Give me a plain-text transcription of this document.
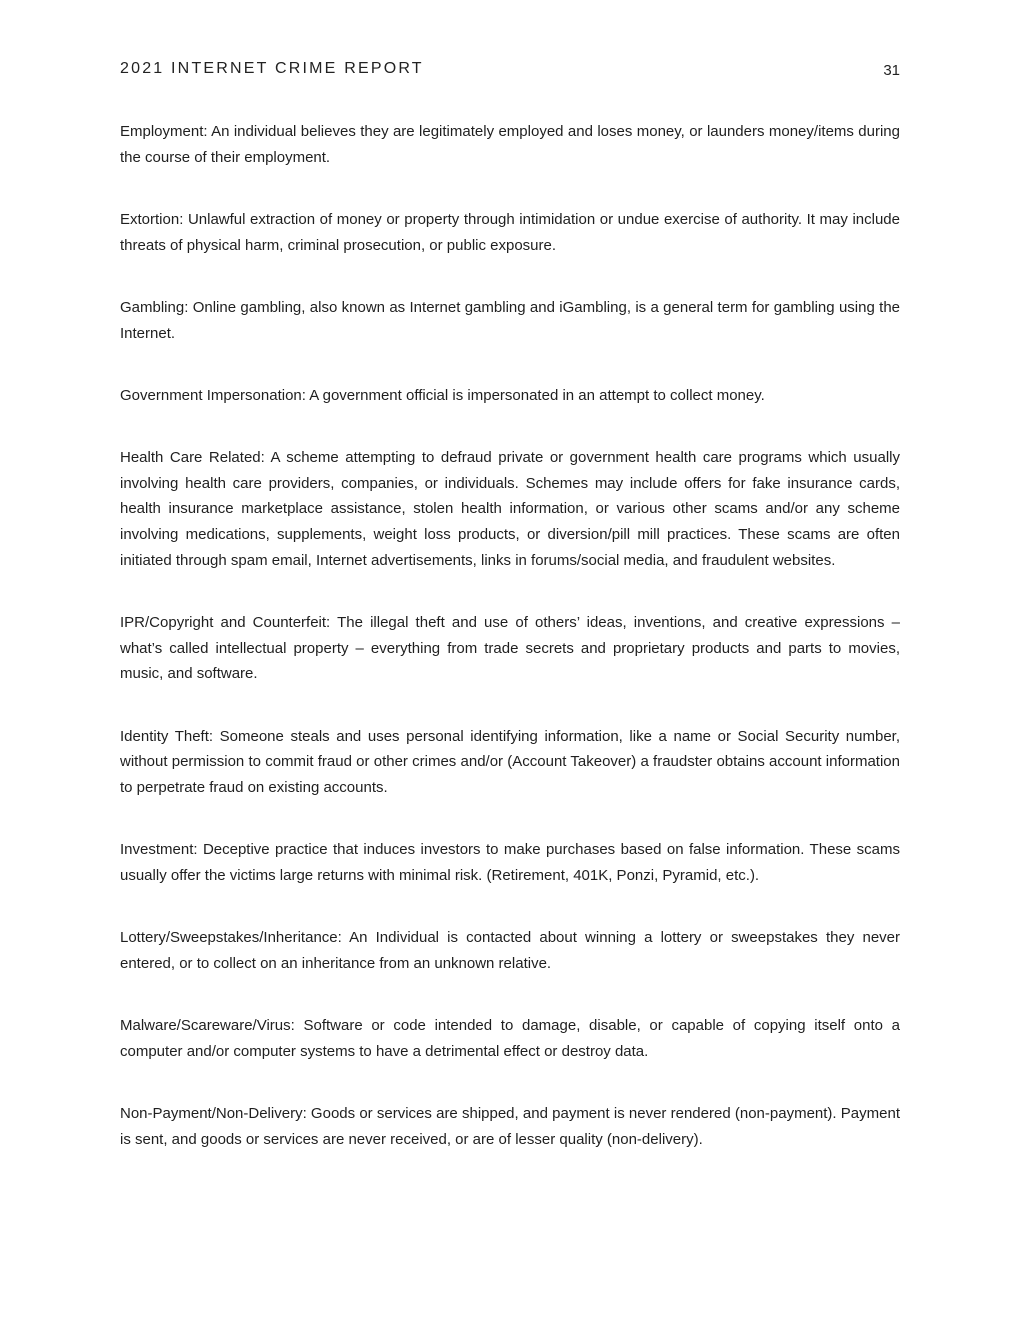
2021 INTERNET CRIME REPORT	31

Employment: An individual believes they are legitimately employed and loses money, or launders money/items during the course of their employment.

Extortion: Unlawful extraction of money or property through intimidation or undue exercise of authority. It may include threats of physical harm, criminal prosecution, or public exposure.

Gambling: Online gambling, also known as Internet gambling and iGambling, is a general term for gambling using the Internet.

Government Impersonation: A government official is impersonated in an attempt to collect money.

Health Care Related: A scheme attempting to defraud private or government health care programs which usually involving health care providers, companies, or individuals. Schemes may include offers for fake insurance cards, health insurance marketplace assistance, stolen health information, or various other scams and/or any scheme involving medications, supplements, weight loss products, or diversion/pill mill practices. These scams are often initiated through spam email, Internet advertisements, links in forums/social media, and fraudulent websites.

IPR/Copyright and Counterfeit: The illegal theft and use of others’ ideas, inventions, and creative expressions – what’s called intellectual property – everything from trade secrets and proprietary products and parts to movies, music, and software.

Identity Theft: Someone steals and uses personal identifying information, like a name or Social Security number, without permission to commit fraud or other crimes and/or (Account Takeover) a fraudster obtains account information to perpetrate fraud on existing accounts.

Investment: Deceptive practice that induces investors to make purchases based on false information. These scams usually offer the victims large returns with minimal risk. (Retirement, 401K, Ponzi, Pyramid, etc.).

Lottery/Sweepstakes/Inheritance: An Individual is contacted about winning a lottery or sweepstakes they never entered, or to collect on an inheritance from an unknown relative.

Malware/Scareware/Virus: Software or code intended to damage, disable, or capable of copying itself onto a computer and/or computer systems to have a detrimental effect or destroy data.

Non-Payment/Non-Delivery: Goods or services are shipped, and payment is never rendered (non-payment). Payment is sent, and goods or services are never received, or are of lesser quality (non-delivery).
